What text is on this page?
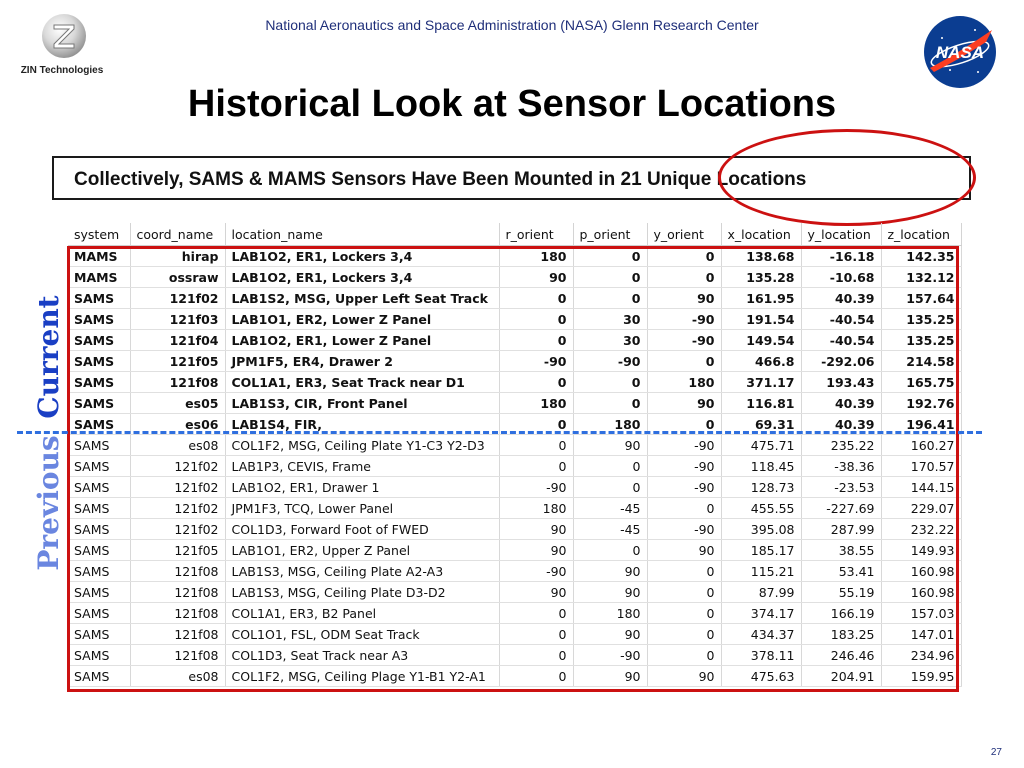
National Aeronautics and Space Administration (NASA) Glenn Research Center
ZIN Technologies
NASA
Historical Look at Sensor Locations
Collectively, SAMS & MAMS Sensors Have Been Mounted in 21 Unique Locations
system	coord_name	location_name	r_orient	p_orient	y_orient	x_location	y_location	z_location
MAMS	hirap	LAB1O2, ER1, Lockers 3,4	180	0	0	138.68	-16.18	142.35
MAMS	ossraw	LAB1O2, ER1, Lockers 3,4	90	0	0	135.28	-10.68	132.12
SAMS	121f02	LAB1S2, MSG, Upper Left Seat Track	0	0	90	161.95	40.39	157.64
SAMS	121f03	LAB1O1, ER2, Lower Z Panel	0	30	-90	191.54	-40.54	135.25
SAMS	121f04	LAB1O2, ER1, Lower Z Panel	0	30	-90	149.54	-40.54	135.25
SAMS	121f05	JPM1F5, ER4, Drawer 2	-90	-90	0	466.8	-292.06	214.58
SAMS	121f08	COL1A1, ER3, Seat Track near D1	0	0	180	371.17	193.43	165.75
SAMS	es05	LAB1S3, CIR, Front Panel	180	0	90	116.81	40.39	192.76
SAMS	es06	LAB1S4, FIR,	0	180	0	69.31	40.39	196.41
SAMS	es08	COL1F2, MSG, Ceiling Plate Y1-C3 Y2-D3	0	90	-90	475.71	235.22	160.27
SAMS	121f02	LAB1P3, CEVIS, Frame	0	0	-90	118.45	-38.36	170.57
SAMS	121f02	LAB1O2, ER1, Drawer 1	-90	0	-90	128.73	-23.53	144.15
SAMS	121f02	JPM1F3, TCQ, Lower Panel	180	-45	0	455.55	-227.69	229.07
SAMS	121f02	COL1D3, Forward Foot of FWED	90	-45	-90	395.08	287.99	232.22
SAMS	121f05	LAB1O1, ER2, Upper Z Panel	90	0	90	185.17	38.55	149.93
SAMS	121f08	LAB1S3, MSG, Ceiling Plate A2-A3	-90	90	0	115.21	53.41	160.98
SAMS	121f08	LAB1S3, MSG, Ceiling Plate D3-D2	90	90	0	87.99	55.19	160.98
SAMS	121f08	COL1A1, ER3, B2 Panel	0	180	0	374.17	166.19	157.03
SAMS	121f08	COL1O1, FSL, ODM Seat Track	0	90	0	434.37	183.25	147.01
SAMS	121f08	COL1D3, Seat Track near A3	0	-90	0	378.11	246.46	234.96
SAMS	es08	COL1F2, MSG, Ceiling Plage Y1-B1 Y2-A1	0	90	90	475.63	204.91	159.95
Current
Previous
27
